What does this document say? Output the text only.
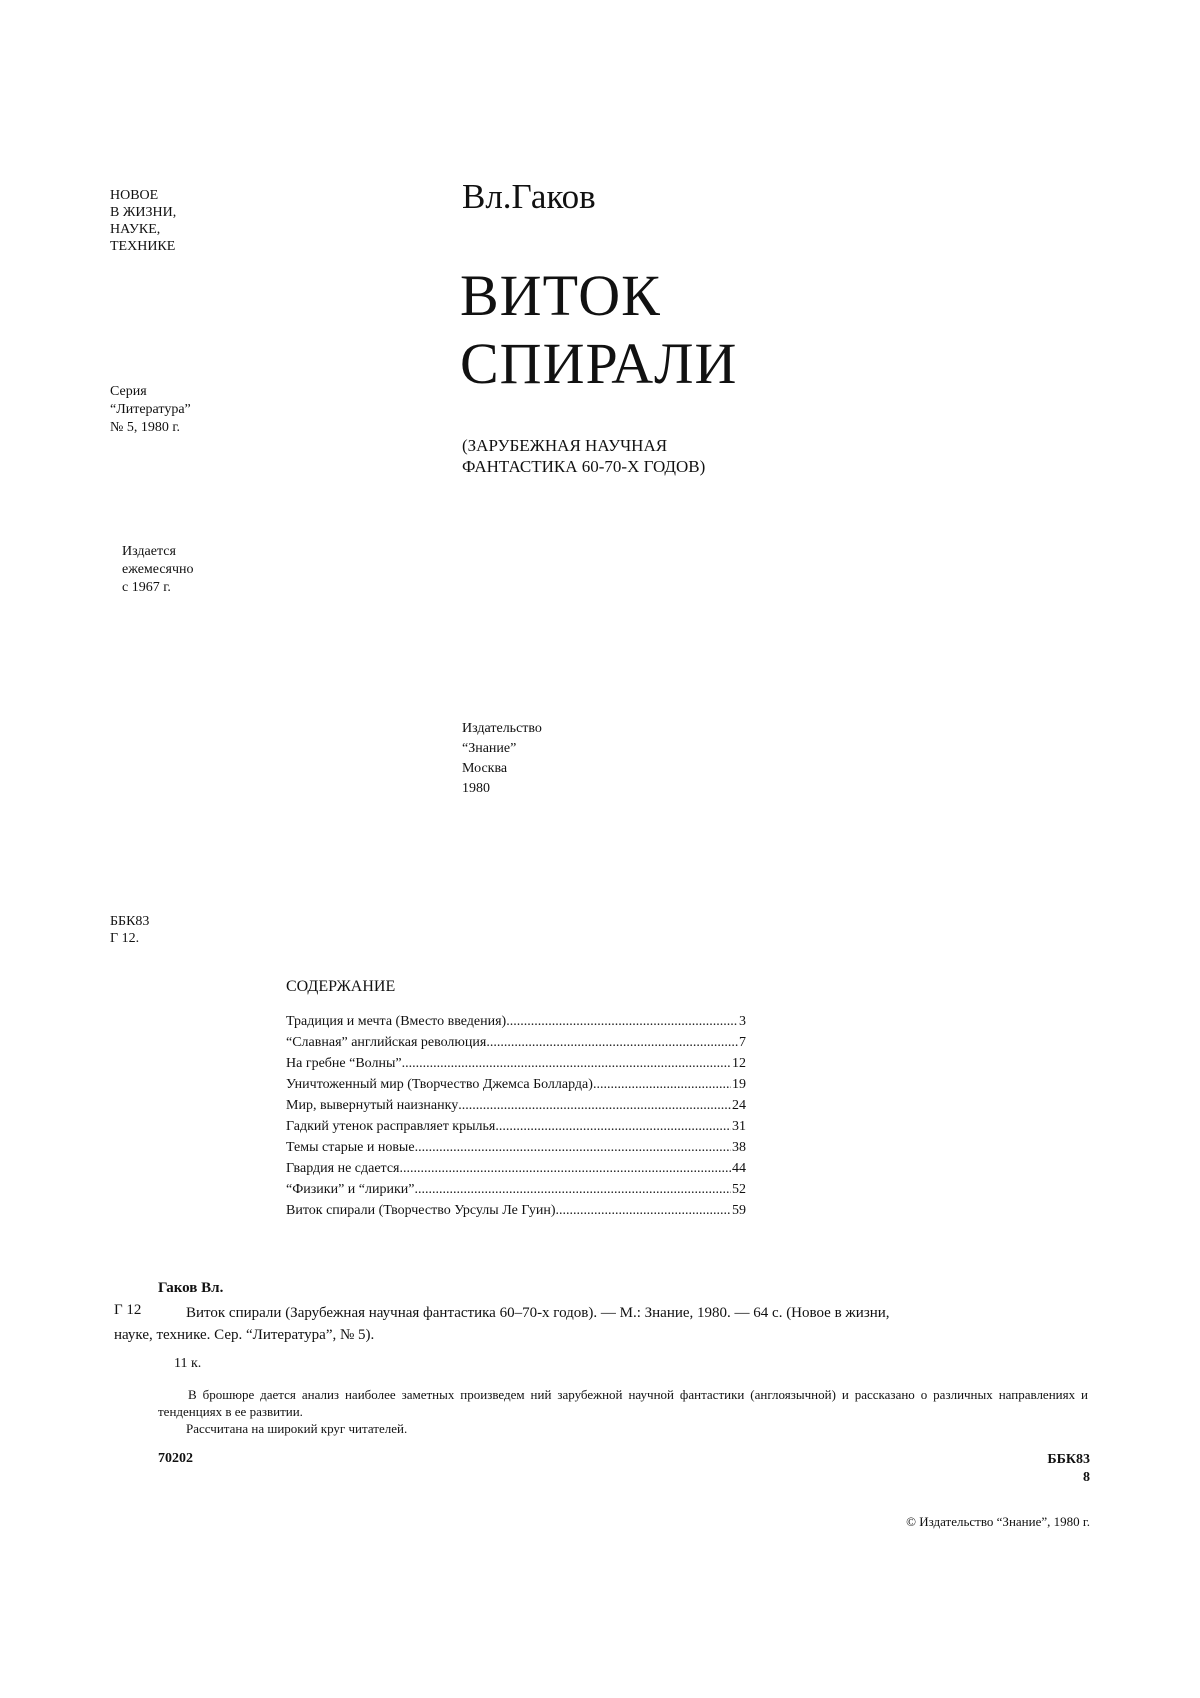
НОВОЕ
В ЖИЗНИ,
НАУКЕ,
ТЕХНИКЕ
Вл.Гаков
ВИТОК
СПИРАЛИ
Серия
“Литература”
№ 5, 1980 г.
(ЗАРУБЕЖНАЯ НАУЧНАЯ
ФАНТАСТИКА 60-70-Х ГОДОВ)
Издается
ежемесячно
с 1967 г.
Издательство
“Знание”
Москва
1980
ББК83
Г 12.
СОДЕРЖАНИЕ
Традиция и мечта (Вместо введения) .....	3
“Славная” английская революция .....	7
На гребне “Волны” .....	12
Уничтоженный мир (Творчество Джемса Болларда) .....	19
Мир, вывернутый наизнанку .....	24
Гадкий утенок расправляет крылья .....	31
Темы старые и новые .....	38
Гвардия не сдается .....	44
“Физики” и “лирики” .....	52
Виток спирали (Творчество Урсулы Ле Гуин) .....	59
Гаков Вл.
Г 12	Виток спирали (Зарубежная научная фантастика 60–70-х годов). — М.: Знание, 1980. — 64 с. (Новое в жизни,
науке, технике. Сер. “Литература”, № 5).
11 к.
В брошюре дается анализ наиболее заметных произведем ний зарубежной научной фантастики (англоязычной) и рассказано о различных направлениях и тенденциях в ее развитии.
Рассчитана на широкий круг читателей.
70202	ББК83
8
© Издательство “Знание”, 1980 г.
